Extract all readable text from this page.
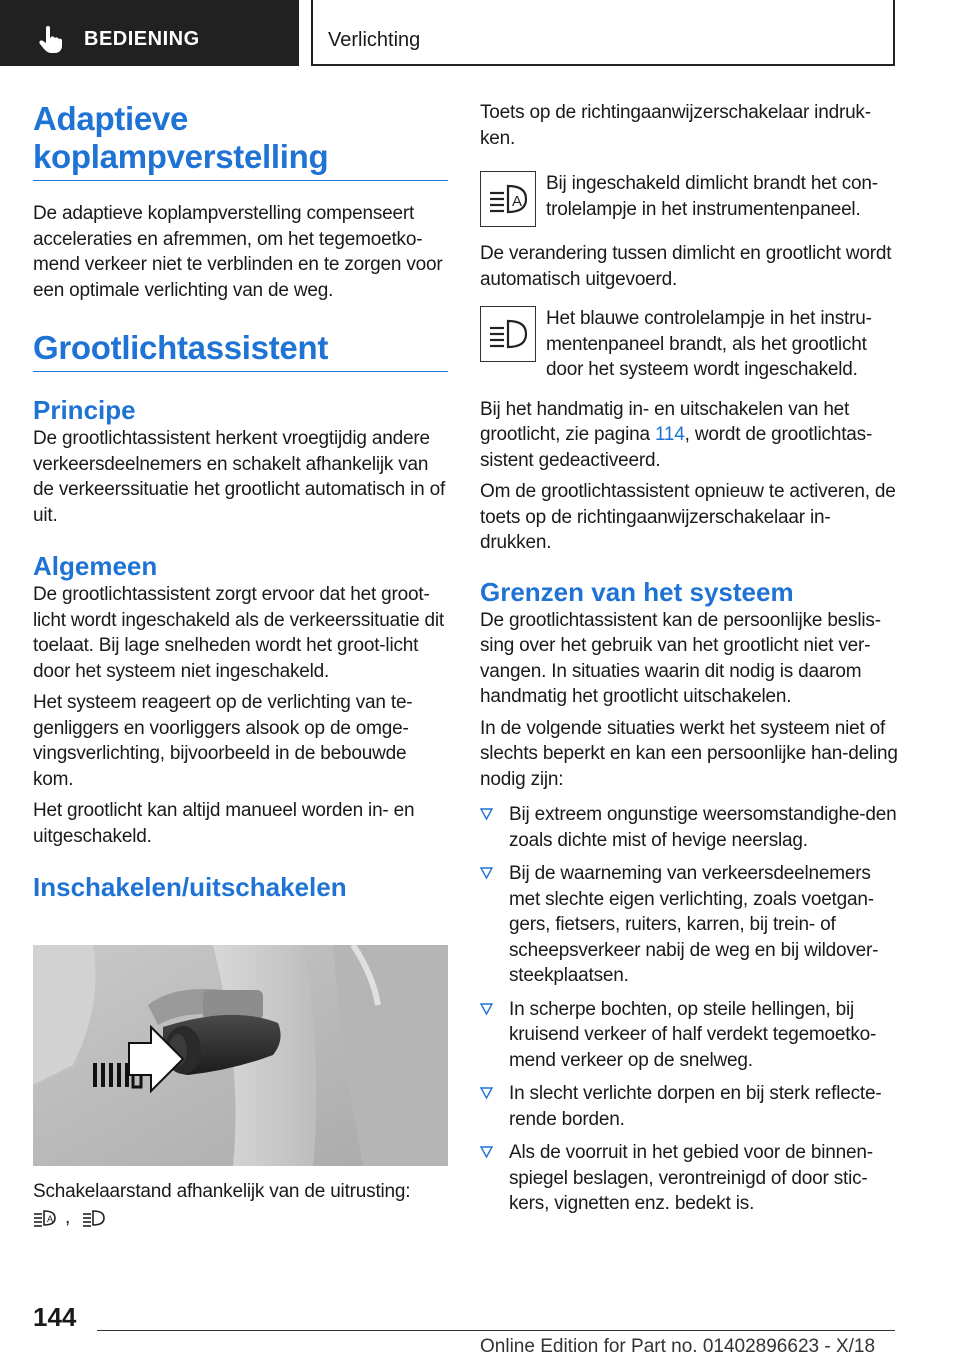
BEDIENING	Verlichting
Adaptieve koplampverstelling

De adaptieve koplampverstelling compenseert acceleraties en afremmen, om het tegemoetko-mend verkeer niet te verblinden en te zorgen voor een optimale verlichting van de weg.

Grootlichtassistent
Principe

De grootlichtassistent herkent vroegtijdig andere verkeersdeelnemers en schakelt afhankelijk van de verkeerssituatie het grootlicht automatisch in of uit.

Algemeen

De grootlichtassistent zorgt ervoor dat het groot-licht wordt ingeschakeld als de verkeerssituatie dit toelaat. Bij lage snelheden wordt het groot-licht door het systeem niet ingeschakeld.

Het systeem reageert op de verlichting van te-genliggers en voorliggers alsook op de omge-vingsverlichting, bijvoorbeeld in de bebouwde kom.

Het grootlicht kan altijd manueel worden in- en uitgeschakeld.

Inschakelen/uitschakelen

Schakelaarstand afhankelijk van de uitrusting:

A ,

Toets op de richtingaanwijzerschakelaar indruk-ken.

A

Bij ingeschakeld dimlicht brandt het con-trolelampje in het instrumentenpaneel.

De verandering tussen dimlicht en grootlicht wordt automatisch uitgevoerd.

Het blauwe controlelampje in het instru-mentenpaneel brandt, als het grootlicht door het systeem wordt ingeschakeld.

Bij het handmatig in- en uitschakelen van het grootlicht, zie pagina 114, wordt de grootlichtas-sistent gedeactiveerd.

Om de grootlichtassistent opnieuw te activeren, de toets op de richtingaanwijzerschakelaar in-drukken.

Grenzen van het systeem

De grootlichtassistent kan de persoonlijke beslis-sing over het gebruik van het grootlicht niet ver-vangen. In situaties waarin dit nodig is daarom handmatig het grootlicht uitschakelen.

In de volgende situaties werkt het systeem niet of slechts beperkt en kan een persoonlijke han-deling nodig zijn:

Bij extreem ongunstige weersomstandighe-den zoals dichte mist of hevige neerslag.
Bij de waarneming van verkeersdeelnemers met slechte eigen verlichting, zoals voetgan-gers, fietsers, ruiters, karren, bij trein- of scheepsverkeer nabij de weg en bij wildover-steekplaatsen.
In scherpe bochten, op steile hellingen, bij kruisend verkeer of half verdekt tegemoetko-mend verkeer op de snelweg.
In slecht verlichte dorpen en bij sterk reflecte-rende borden.
Als de voorruit in het gebied voor de binnen-spiegel beslagen, verontreinigd of door stic-kers, vignetten enz. bedekt is.
144
Online Edition for Part no. 01402896623 - X/18
